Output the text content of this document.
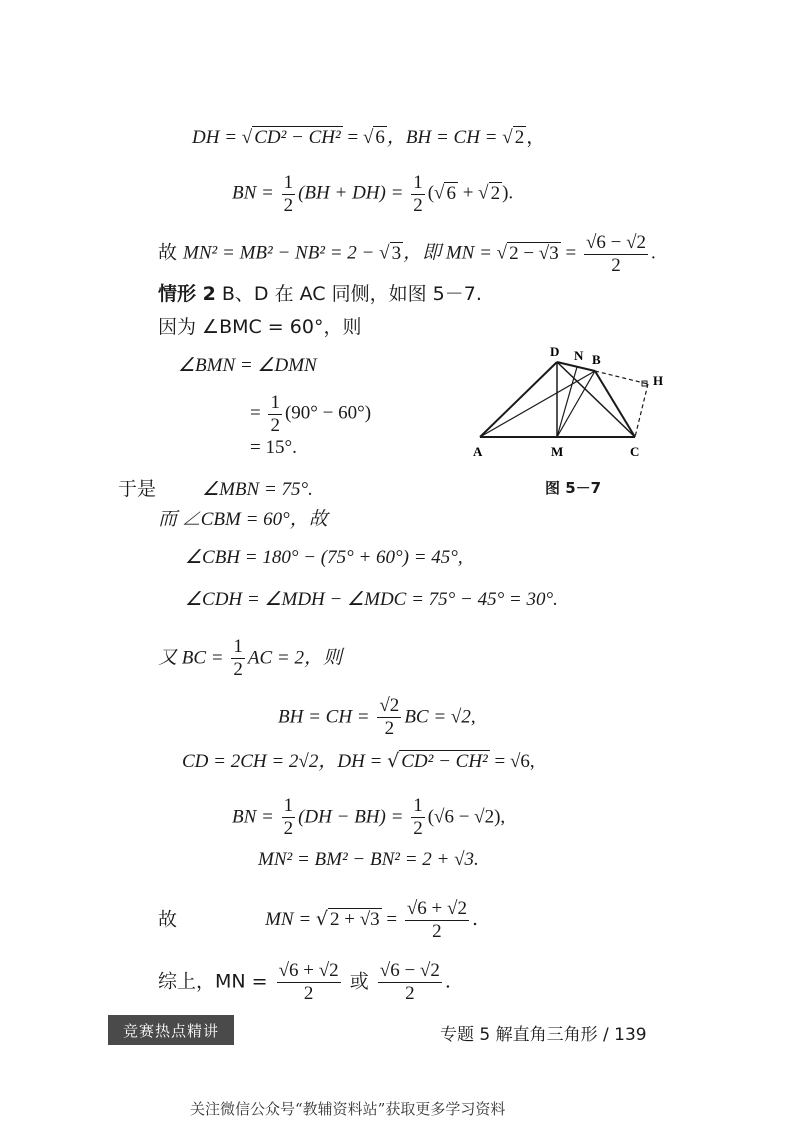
DH = √ CD² − CH² = √ 6 ，BH = CH = √ 2 ，
BN = $\frac{1}{2} (BH + DH) = \frac{1}{2}$ (√ 6 + √ 2 ).
故 MN² = MB² − NB² = 2 − √ 3 ，即 MN = √ $2 - √3 = \frac{√6 - √2}{2}$ .
情形 2 B、D 在 AC 同侧，如图 5－7.
因为 ∠BMC = 60°，则
∠BMN = ∠DMN
= $\frac{1}{2} (90^\circ - 60^\circ)$
= 15°.	A	M	C
D N B
H
图 5－7
于是 ∠MBN = 75°.
而 ∠CBM = 60°，故
∠CBH = 180° − (75° + 60°) = 45°,
∠CDH = ∠MDH − ∠MDC = 75° − 45° = 30°.
又 BC = $\frac{1}{2}$ AC = 2，则
BH = CH = $\frac{√2}{2}$ BC = √2,
CD = 2CH = 2√2，DH = √ CD² − CH² = √6,
BN = $\frac{1}{2} (DH - BH) = \frac{1}{2} (√6 - √2)$,
MN² = BM² − BN² = 2 + √3.
故	MN = √ $2 + √3 = \frac{√6 + √2}{2}$ .
综上，MN = $\frac{√6 + √2}{2}$ 或 $\frac{√6 - √2}{2}$ .
竞赛热点精讲	专题 5 解直角三角形 / 139
关注微信公众号“教辅资料站”获取更多学习资料
